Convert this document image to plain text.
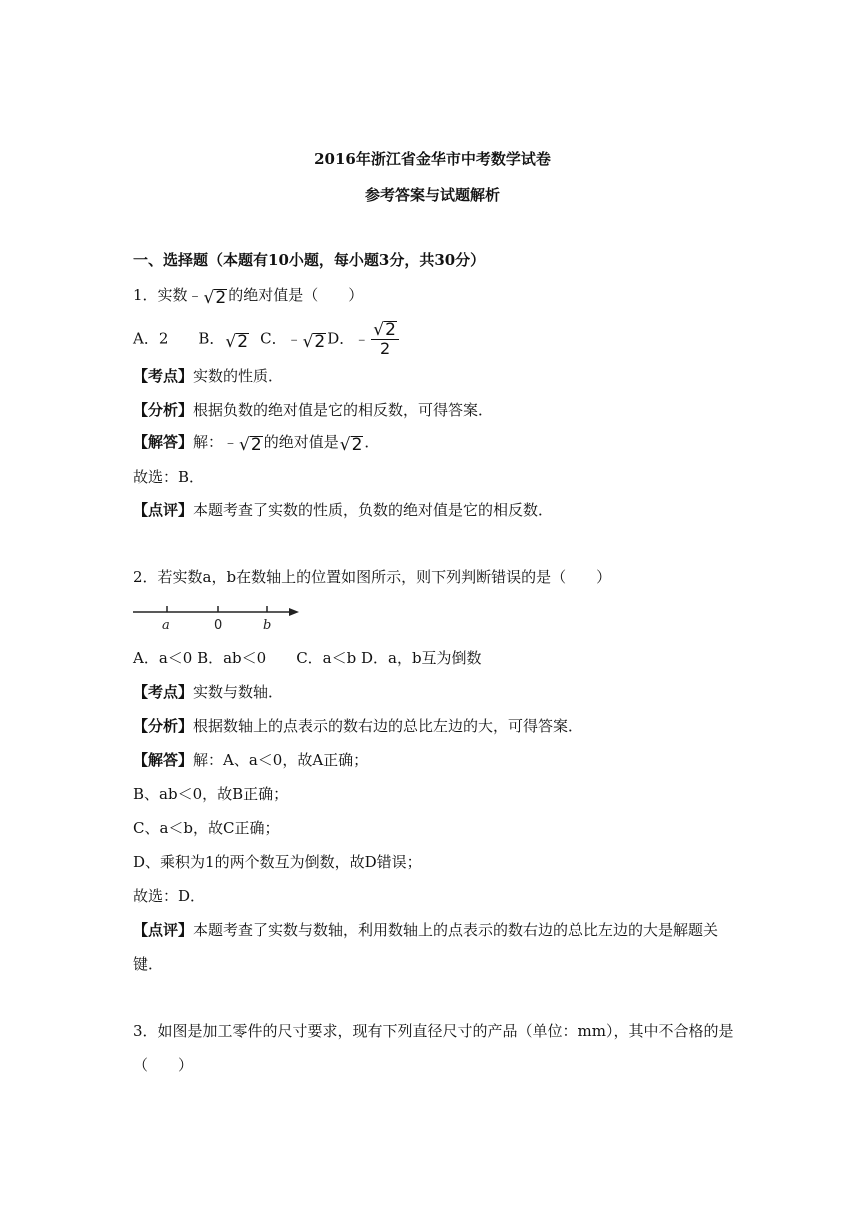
2016年浙江省金华市中考数学试卷
参考答案与试题解析
一、选择题（本题有10小题，每小题3分，共30分）
1．实数﹣ √ 2 的绝对值是（　　）
A．2 B． √ 2 C．﹣ √ 2 D．﹣ $\frac{√ 2}{2}$
【考点】实数的性质．
【分析】根据负数的绝对值是它的相反数，可得答案．
【解答】解：﹣ √ 2 的绝对值是 √ 2 ．
故选：B．
【点评】本题考查了实数的性质，负数的绝对值是它的相反数．
2．若实数a，b在数轴上的位置如图所示，则下列判断错误的是（　　）
a	0	b
A．a＜0 B．ab＜0　　C．a＜b D．a，b互为倒数
【考点】实数与数轴．
【分析】根据数轴上的点表示的数右边的总比左边的大，可得答案．
【解答】解：A、a＜0，故A正确；
B、ab＜0，故B正确；
C、a＜b，故C正确；
D、乘积为1的两个数互为倒数，故D错误；
故选：D．
【点评】本题考查了实数与数轴，利用数轴上的点表示的数右边的总比左边的大是解题关
键．
3．如图是加工零件的尺寸要求，现有下列直径尺寸的产品（单位：mm），其中不合格的是
（　　）
